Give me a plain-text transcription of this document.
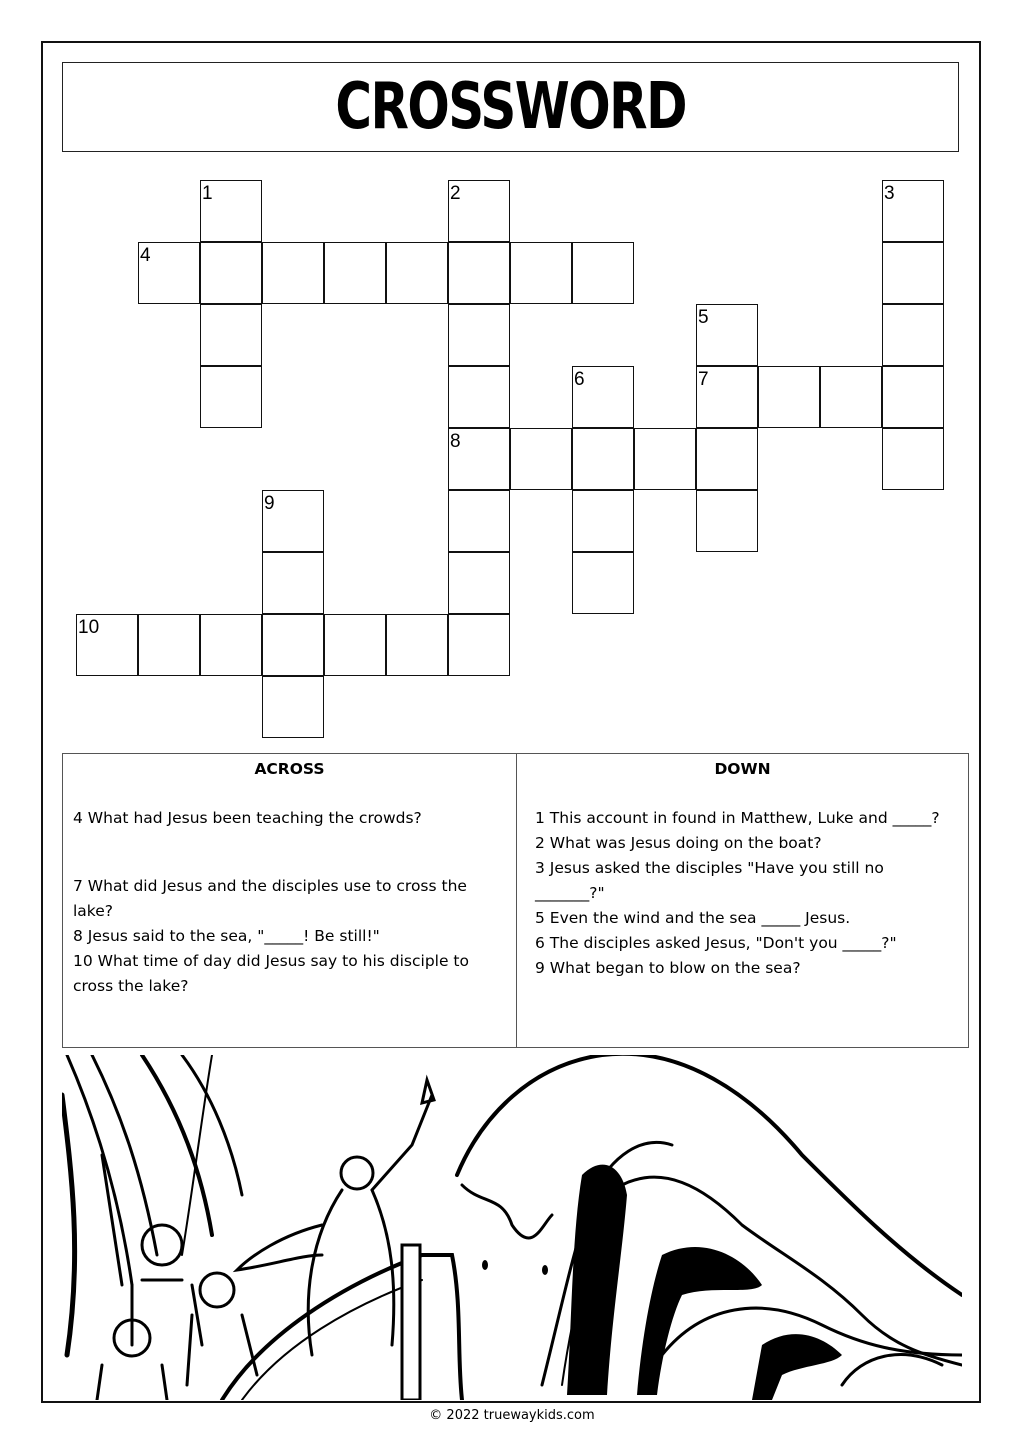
CROSSWORD
1	2
8
3
4
5
7
6
9
10
ACROSS

4 What had Jesus been teaching the crowds?

7 What did Jesus and the disciples use to cross the lake?

8 Jesus said to the sea, "_____! Be still!"

10 What time of day did Jesus say to his disciple to cross the lake?

DOWN

1 This account in found in Matthew, Luke and _____?

2 What was Jesus doing on the boat?

3 Jesus asked the disciples "Have you still no _______?"

5 Even the wind and the sea _____ Jesus.

6 The disciples asked Jesus, "Don't you _____?"

9 What began to blow on the sea?

© 2022 truewaykids.com
